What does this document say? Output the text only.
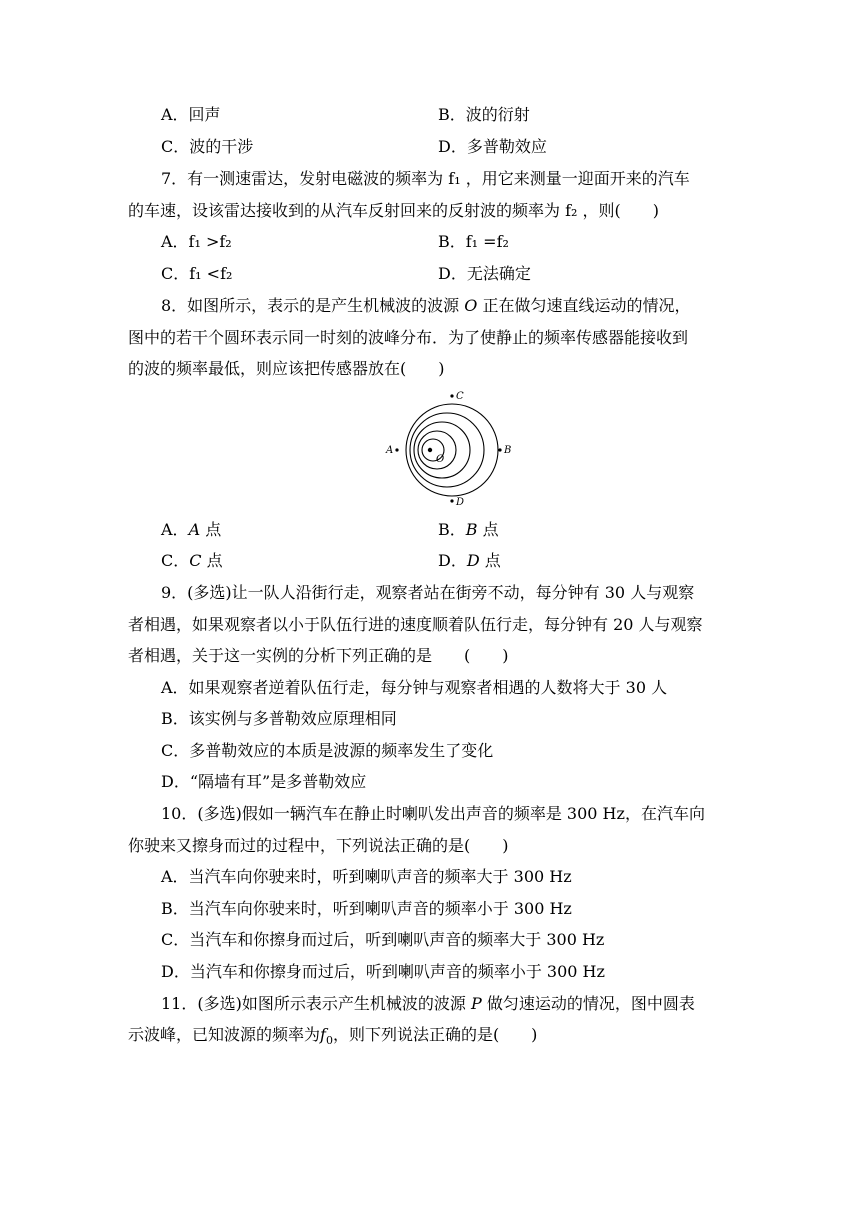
A．回声	B．波的衍射
C．波的干涉	D．多普勒效应
7．有一测速雷达，发射电磁波的频率为 f₁ ，用它来测量一迎面开来的汽车
的车速，设该雷达接收到的从汽车反射回来的反射波的频率为 f₂ ，则(　　)
A．f₁ >f₂	B．f₁ =f₂
C．f₁ <f₂	D．无法确定
8．如图所示，表示的是产生机械波的波源 O 正在做匀速直线运动的情况，
图中的若干个圆环表示同一时刻的波峰分布．为了使静止的频率传感器能接收到
的波的频率最低，则应该把传感器放在(　　)
O
C
A	B
D
A．A 点	B．B 点
C．C 点	D．D 点
9．(多选)让一队人沿街行走，观察者站在街旁不动，每分钟有 30 人与观察
者相遇，如果观察者以小于队伍行进的速度顺着队伍行走，每分钟有 20 人与观察
者相遇，关于这一实例的分析下列正确的是　　(　　)
A．如果观察者逆着队伍行走，每分钟与观察者相遇的人数将大于 30 人
B．该实例与多普勒效应原理相同
C．多普勒效应的本质是波源的频率发生了变化
D．“隔墙有耳”是多普勒效应
10．(多选)假如一辆汽车在静止时喇叭发出声音的频率是 300 Hz，在汽车向
你驶来又擦身而过的过程中，下列说法正确的是(　　)
A．当汽车向你驶来时，听到喇叭声音的频率大于 300 Hz
B．当汽车向你驶来时，听到喇叭声音的频率小于 300 Hz
C．当汽车和你擦身而过后，听到喇叭声音的频率大于 300 Hz
D．当汽车和你擦身而过后，听到喇叭声音的频率小于 300 Hz
11．(多选)如图所示表示产生机械波的波源 P 做匀速运动的情况，图中圆表
示波峰，已知波源的频率为$f_0$，则下列说法正确的是(　　)
